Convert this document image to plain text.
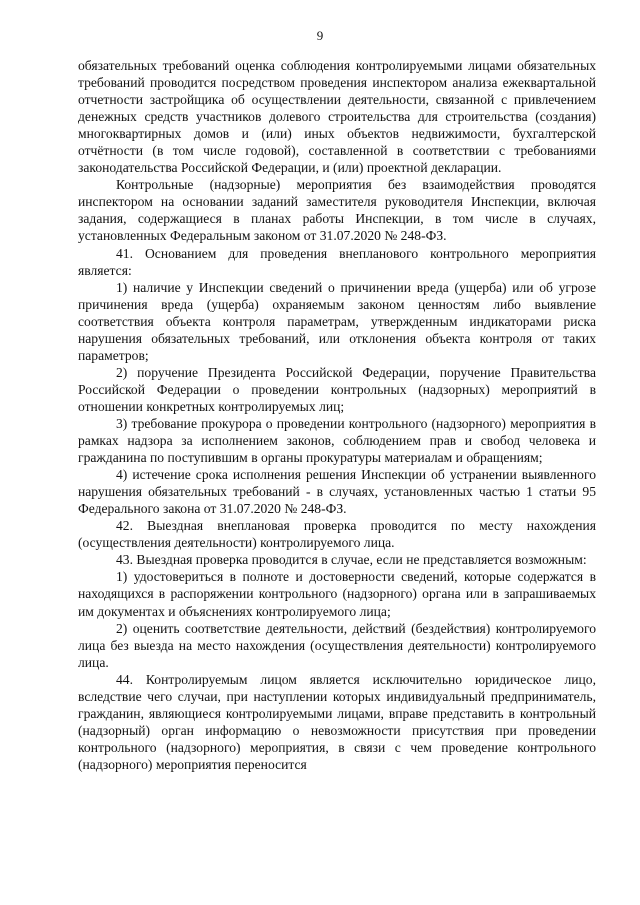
9

обязательных требований оценка соблюдения контролируемыми лицами обязательных требований проводится посредством проведения инспектором анализа ежеквартальной отчетности застройщика об осуществлении деятельности, связанной с привлечением денежных средств участников долевого строительства для строительства (создания) многоквартирных домов и (или) иных объектов недвижимости, бухгалтерской отчётности (в том числе годовой), составленной в соответствии с требованиями законодательства Российской Федерации, и (или) проектной декларации.

Контрольные (надзорные) мероприятия без взаимодействия проводятся инспектором на основании заданий заместителя руководителя Инспекции, включая задания, содержащиеся в планах работы Инспекции, в том числе в случаях, установленных Федеральным законом от 31.07.2020 № 248-ФЗ.

41. Основанием для проведения внепланового контрольного мероприятия является:

1) наличие у Инспекции сведений о причинении вреда (ущерба) или об угрозе причинения вреда (ущерба) охраняемым законом ценностям либо выявление соответствия объекта контроля параметрам, утвержденным индикаторами риска нарушения обязательных требований, или отклонения объекта контроля от таких параметров;

2) поручение Президента Российской Федерации, поручение Правительства Российской Федерации о проведении контрольных (надзорных) мероприятий в отношении конкретных контролируемых лиц;

3) требование прокурора о проведении контрольного (надзорного) мероприятия в рамках надзора за исполнением законов, соблюдением прав и свобод человека и гражданина по поступившим в органы прокуратуры материалам и обращениям;

4) истечение срока исполнения решения Инспекции об устранении выявленного нарушения обязательных требований - в случаях, установленных частью 1 статьи 95 Федерального закона от 31.07.2020 № 248-ФЗ.

42. Выездная внеплановая проверка проводится по месту нахождения (осуществления деятельности) контролируемого лица.

43. Выездная проверка проводится в случае, если не представляется возможным:

1) удостовериться в полноте и достоверности сведений, которые содержатся в находящихся в распоряжении контрольного (надзорного) органа или в запрашиваемых им документах и объяснениях контролируемого лица;

2) оценить соответствие деятельности, действий (бездействия) контролируемого лица без выезда на место нахождения (осуществления деятельности) контролируемого лица.

44. Контролируемым лицом является исключительно юридическое лицо, вследствие чего случаи, при наступлении которых индивидуальный предприниматель, гражданин, являющиеся контролируемыми лицами, вправе представить в контрольный (надзорный) орган информацию о невозможности присутствия при проведении контрольного (надзорного) мероприятия, в связи с чем проведение контрольного (надзорного) мероприятия переносится
